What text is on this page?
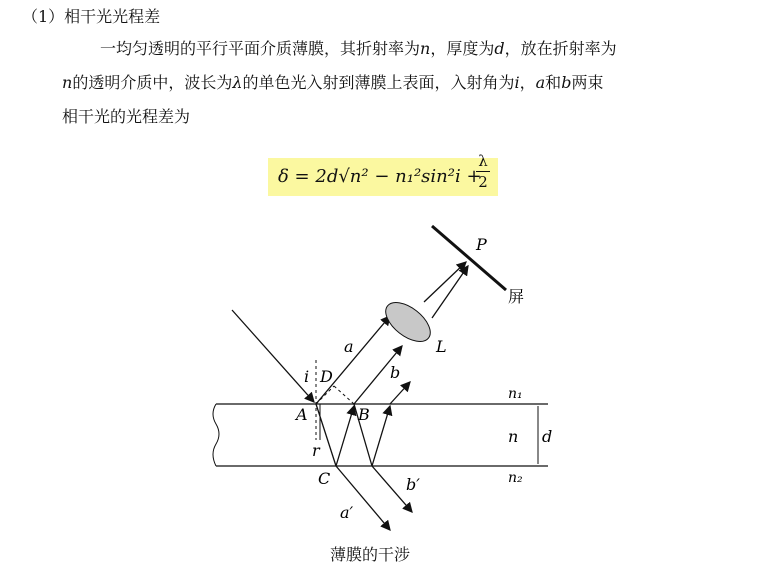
（1）相干光光程差
一均匀透明的平行平面介质薄膜，其折射率为n，厚度为d，放在折射率为
n的透明介质中，波长为λ的单色光入射到薄膜上表面，入射角为i，a和b两束
相干光的光程差为
δ = 2d√n² − n₁²sin²i +
λ
2
P
屏
L
a
b
i D
A	B
r
C
a′
b′
n₁
n
n₂
d
薄膜的干涉
